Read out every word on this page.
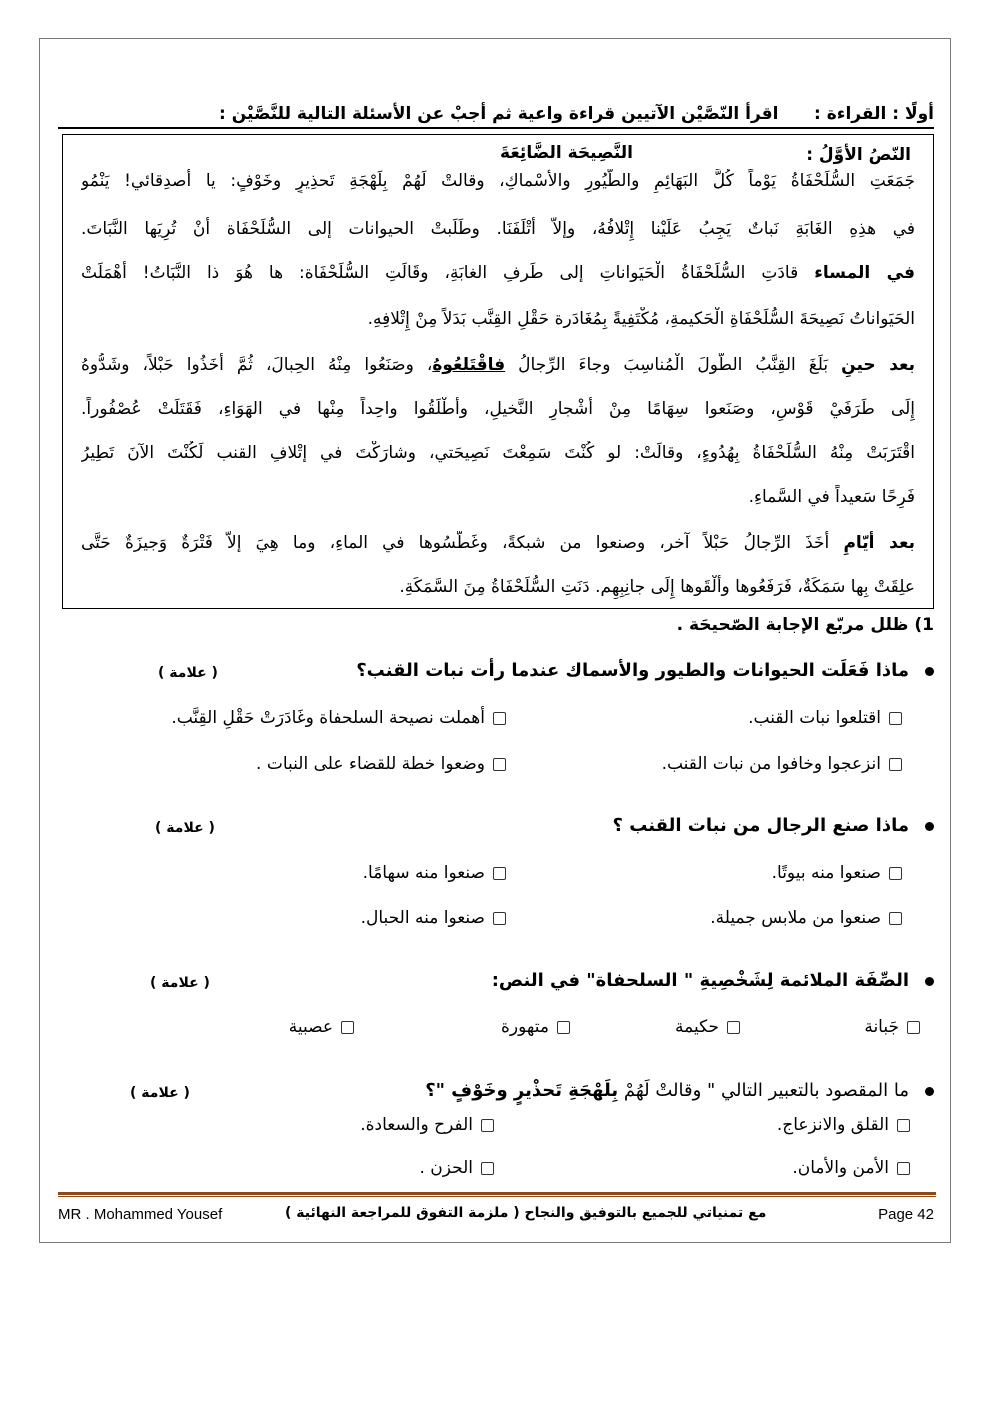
أولًا : القراءة :      اقرأ النّصَّيْن الآتيين قراءة واعية ثم أجبْ عن الأسئلة التالية للنَّصَّيْن :
النّصُ الأوَّلُ :
النَّصِيحَة الضَّائِعَةَ
جَمَعَتِ السُّلَحْفَاةُ يَوْماً كُلَّ البَهَائِمِ والطُّيُورِ والأَسْماكِ، وقالتْ لَهُمْ بِلَهْجَةِ تَحذِيرٍ وخَوْفٍ: يا أَصدِقائي! يَنْمُو
في هذِهِ الغَابَةِ نَباتٌ يَجِبُ عَلَيْنا إِتْلافُهُ، وإلاَّ أَتْلَفَنَا. وطَلَبتْ الحيوانات إلى السُّلَحْفَاة أَنْ تُرِيَها النَّبَاتَ.
في المساء قادَتِ السُّلَحْفَاةُ الْحَيَواناتِ إلى طَرفِ الغابَةِ، وقَالَتِ السُّلَحْفَاة: ها هُوَ ذا النَّبَاتُ! أَهْمَلَتْ
الحَيَواناتُ نَصِيحَةَ السُّلَحْفَاةِ الْحَكيمةِ، مُكْتَفِيةً بِمُغَادَرة حَقْلِ القِنَّب بَدَلاً مِنْ إِتْلافِهِ.
بعد حينٍ بَلَغَ القِنَّبُ الطُّولَ الْمُناسِبَ وجاءَ الرِّجالُ فاقْتَلعُوهُ، وصَنَعُوا مِنْهُ الحِبالَ، ثُمَّ أَخَذُوا حَبْلاً، وشَدُّوهُ
إِلَى طَرَفَيْ قَوْسٍ، وصَنَعوا سِهَامًا مِنْ أَشْجارِ النَّخيلِ، وأَطْلَقُوا واحِداً مِنْها في الهَوَاءِ، فَقَتَلَتْ عُصْفُوراً.
اقْتَرَبَتْ مِنْهُ السُّلَحْفَاةُ بِهُدُوءٍ، وقالَتْ: لو كُنْتَ سَمِعْتَ نَصِيحَتي، وشارَكْتَ في إتْلافِ القنب لَكُنْتَ الآنَ تَطِيرُ
فَرِحًا سَعيداً في السَّماءِ.
بعد أيّامٍ أَخَذَ الرِّجالُ حَبْلاً آخر، وصنعوا من شبكةً، وغَطَّسُوها في الماءِ، وما هِيَ إلاَّ فَتْرَةٌ وَجيزَةٌ حَتَّى
علِقَتْ بِها سَمَكَةٌ، فَرَفَعُوها وأَلْقَوها إِلَى جانِبِهِم. دَنَتِ السُّلَحْفَاةُ مِنَ السَّمَكَةِ.
1) ظلل مربّع الإجابة الصّحيحَة .
ماذا فَعَلَت الحيوانات والطيور والأسماك عندما رأت نبات القنب؟
( علامة )
اقتلعوا نبات القنب.
أهملت نصيحة السلحفاة وغَادَرَتْ حَقْلِ القِنَّب.
انزعجوا وخافوا من نبات القنب.
وضعوا خطة للقضاء على النبات .
ماذا صنع الرجال من نبات القنب ؟
( علامة )
صنعوا منه بيوتًا.
صنعوا منه سهامًا.
صنعوا من ملابس جميلة.
صنعوا منه الحبال.
الصِّفَة الملائمة لِشَخْصِيةِ " السلحفاة" في النص:
( علامة )
جَبانة
حكيمة
متهورة
عصبية
ما المقصود بالتعبير التالي " وقالتْ لَهُمْ بِلَهْجَةِ تَحذْيرٍ وخَوْفٍ "؟
( علامة )
القلق والانزعاج.
الفرح والسعادة.
الأمن والأمان.
الحزن .
MR . Mohammed Yousef	مع تمنياتي للجميع بالتوفيق والنجاح ( ملزمة التفوق للمراجعة النهائية )	Page 42
